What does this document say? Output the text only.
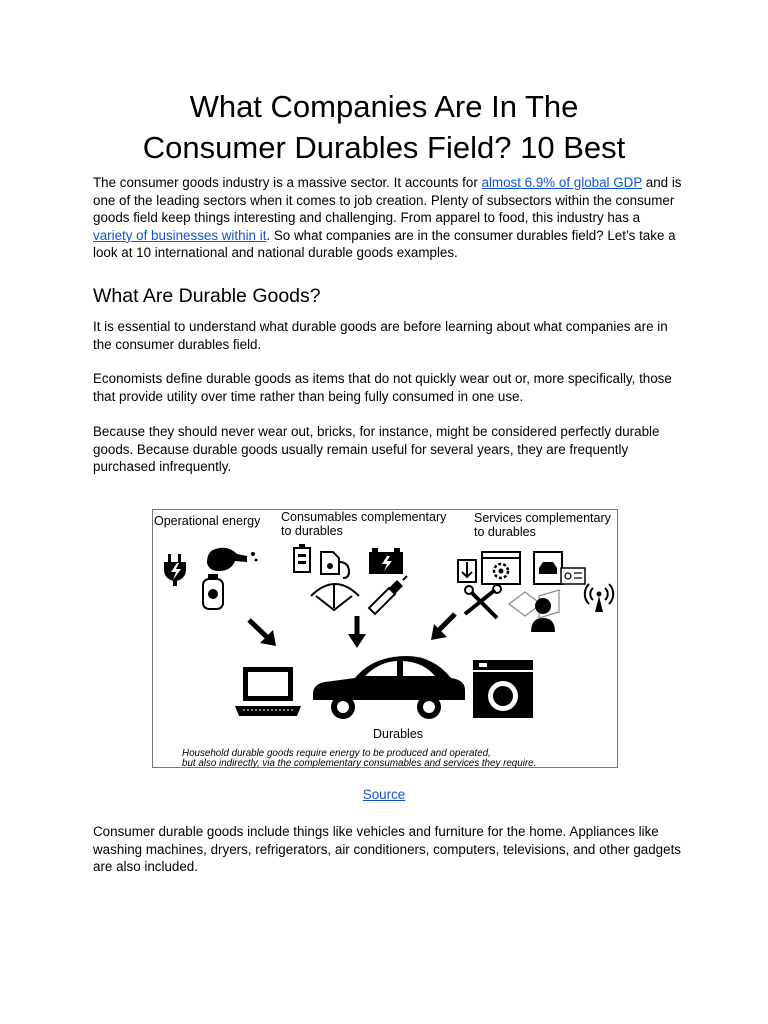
What Companies Are In The
Consumer Durables Field? 10 Best

The consumer goods industry is a massive sector. It accounts for almost 6.9% of global GDP and is one of the leading sectors when it comes to job creation. Plenty of subsectors within the consumer goods field keep things interesting and challenging. From apparel to food, this industry has a variety of businesses within it. So what companies are in the consumer durables field? Let’s take a look at 10 international and national durable goods examples.

What Are Durable Goods?

It is essential to understand what durable goods are before learning about what companies are in the consumer durables field.

Economists define durable goods as items that do not quickly wear out or, more specifically, those that provide utility over time rather than being fully consumed in one use.

Because they should never wear out, bricks, for instance, might be considered perfectly durable goods. Because durable goods usually remain useful for several years, they are frequently purchased infrequently.

Operational energy Consumables complementary
to durables
Services complementary
to durables
Durables
Household durable goods require energy to be produced and operated,
but also indirectly, via the complementary consumables and services they require.
Source

Consumer durable goods include things like vehicles and furniture for the home. Appliances like washing machines, dryers, refrigerators, air conditioners, computers, televisions, and other gadgets are also included.
